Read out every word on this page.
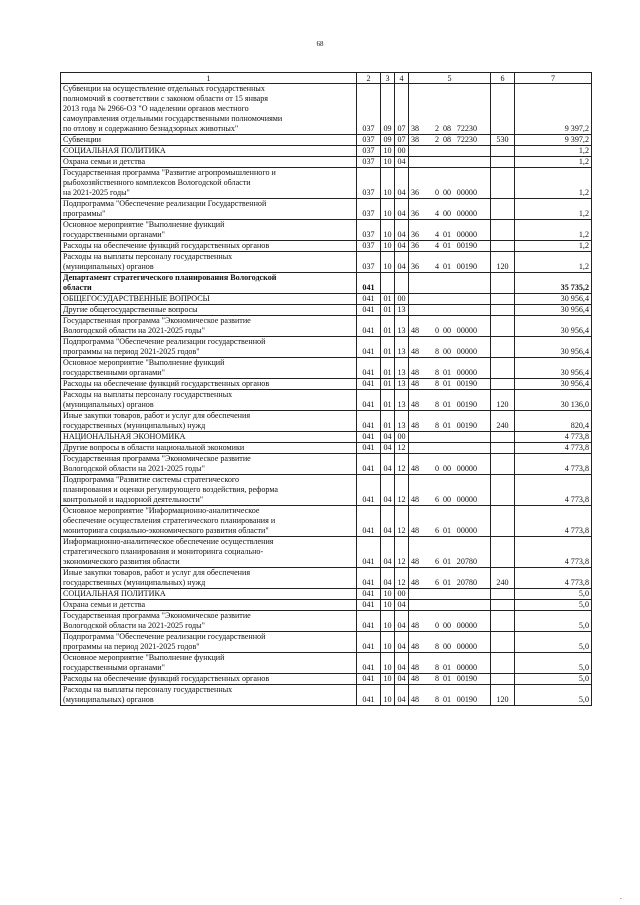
68
1	2	3	4	5	6	7
Субвенции на осуществление отдельных государственных
полномочий в соответствии с законом области от 15 января
2013 года № 2966-ОЗ "О наделении органов местного
самоуправления отдельными государственными полномочиями
по отлову и содержанию безнадзорных животных"	037	09	07	38 2 08 72230		9 397,2
Субвенции	037	09	07	38 2 08 72230	530	9 397,2
СОЦИАЛЬНАЯ ПОЛИТИКА	037	10	00			1,2
Охрана семьи и детства	037	10	04			1,2
Государственная программа "Развитие агропромышленного и
рыбохозяйственного комплексов Вологодской области
на 2021-2025 годы"	037	10	04	36 0 00 00000		1,2
Подпрограмма "Обеспечение реализации Государственной
программы"	037	10	04	36 4 00 00000		1,2
Основное мероприятие "Выполнение функций
государственными органами"	037	10	04	36 4 01 00000		1,2
Расходы на обеспечение функций государственных органов	037	10	04	36 4 01 00190		1,2
Расходы на выплаты персоналу государственных
(муниципальных) органов	037	10	04	36 4 01 00190	120	1,2
Департамент стратегического планирования Вологодской
области	041					35 735,2
ОБЩЕГОСУДАРСТВЕННЫЕ ВОПРОСЫ	041	01	00			30 956,4
Другие общегосударственные вопросы	041	01	13			30 956,4
Государственная программа "Экономическое развитие
Вологодской области на 2021-2025 годы"	041	01	13	48 0 00 00000		30 956,4
Подпрограмма "Обеспечение реализации государственной
программы на период 2021-2025 годов"	041	01	13	48 8 00 00000		30 956,4
Основное мероприятие "Выполнение функций
государственными органами"	041	01	13	48 8 01 00000		30 956,4
Расходы на обеспечение функций государственных органов	041	01	13	48 8 01 00190		30 956,4
Расходы на выплаты персоналу государственных
(муниципальных) органов	041	01	13	48 8 01 00190	120	30 136,0
Иные закупки товаров, работ и услуг для обеспечения
государственных (муниципальных) нужд	041	01	13	48 8 01 00190	240	820,4
НАЦИОНАЛЬНАЯ ЭКОНОМИКА	041	04	00			4 773,8
Другие вопросы в области национальной экономики	041	04	12			4 773,8
Государственная программа "Экономическое развитие
Вологодской области на 2021-2025 годы"	041	04	12	48 0 00 00000		4 773,8
Подпрограмма "Развитие системы стратегического
планирования и оценки регулирующего воздействия, реформа
контрольной и надзорной деятельности"	041	04	12	48 6 00 00000		4 773,8
Основное мероприятие "Информационно-аналитическое
обеспечение осуществления стратегического планирования и
мониторинга социально-экономического развития области"	041	04	12	48 6 01 00000		4 773,8
Информационно-аналитическое обеспечение осуществления
стратегического планирования и мониторинга социально-
экономического развития области	041	04	12	48 6 01 20780		4 773,8
Иные закупки товаров, работ и услуг для обеспечения
государственных (муниципальных) нужд	041	04	12	48 6 01 20780	240	4 773,8
СОЦИАЛЬНАЯ ПОЛИТИКА	041	10	00			5,0
Охрана семьи и детства	041	10	04			5,0
Государственная программа "Экономическое развитие
Вологодской области на 2021-2025 годы"	041	10	04	48 0 00 00000		5,0
Подпрограмма "Обеспечение реализации государственной
программы на период 2021-2025 годов"	041	10	04	48 8 00 00000		5,0
Основное мероприятие "Выполнение функций
государственными органами"	041	10	04	48 8 01 00000		5,0
Расходы на обеспечение функций государственных органов	041	10	04	48 8 01 00190		5,0
Расходы на выплаты персоналу государственных
(муниципальных) органов	041	10	04	48 8 01 00190	120	5,0
.
